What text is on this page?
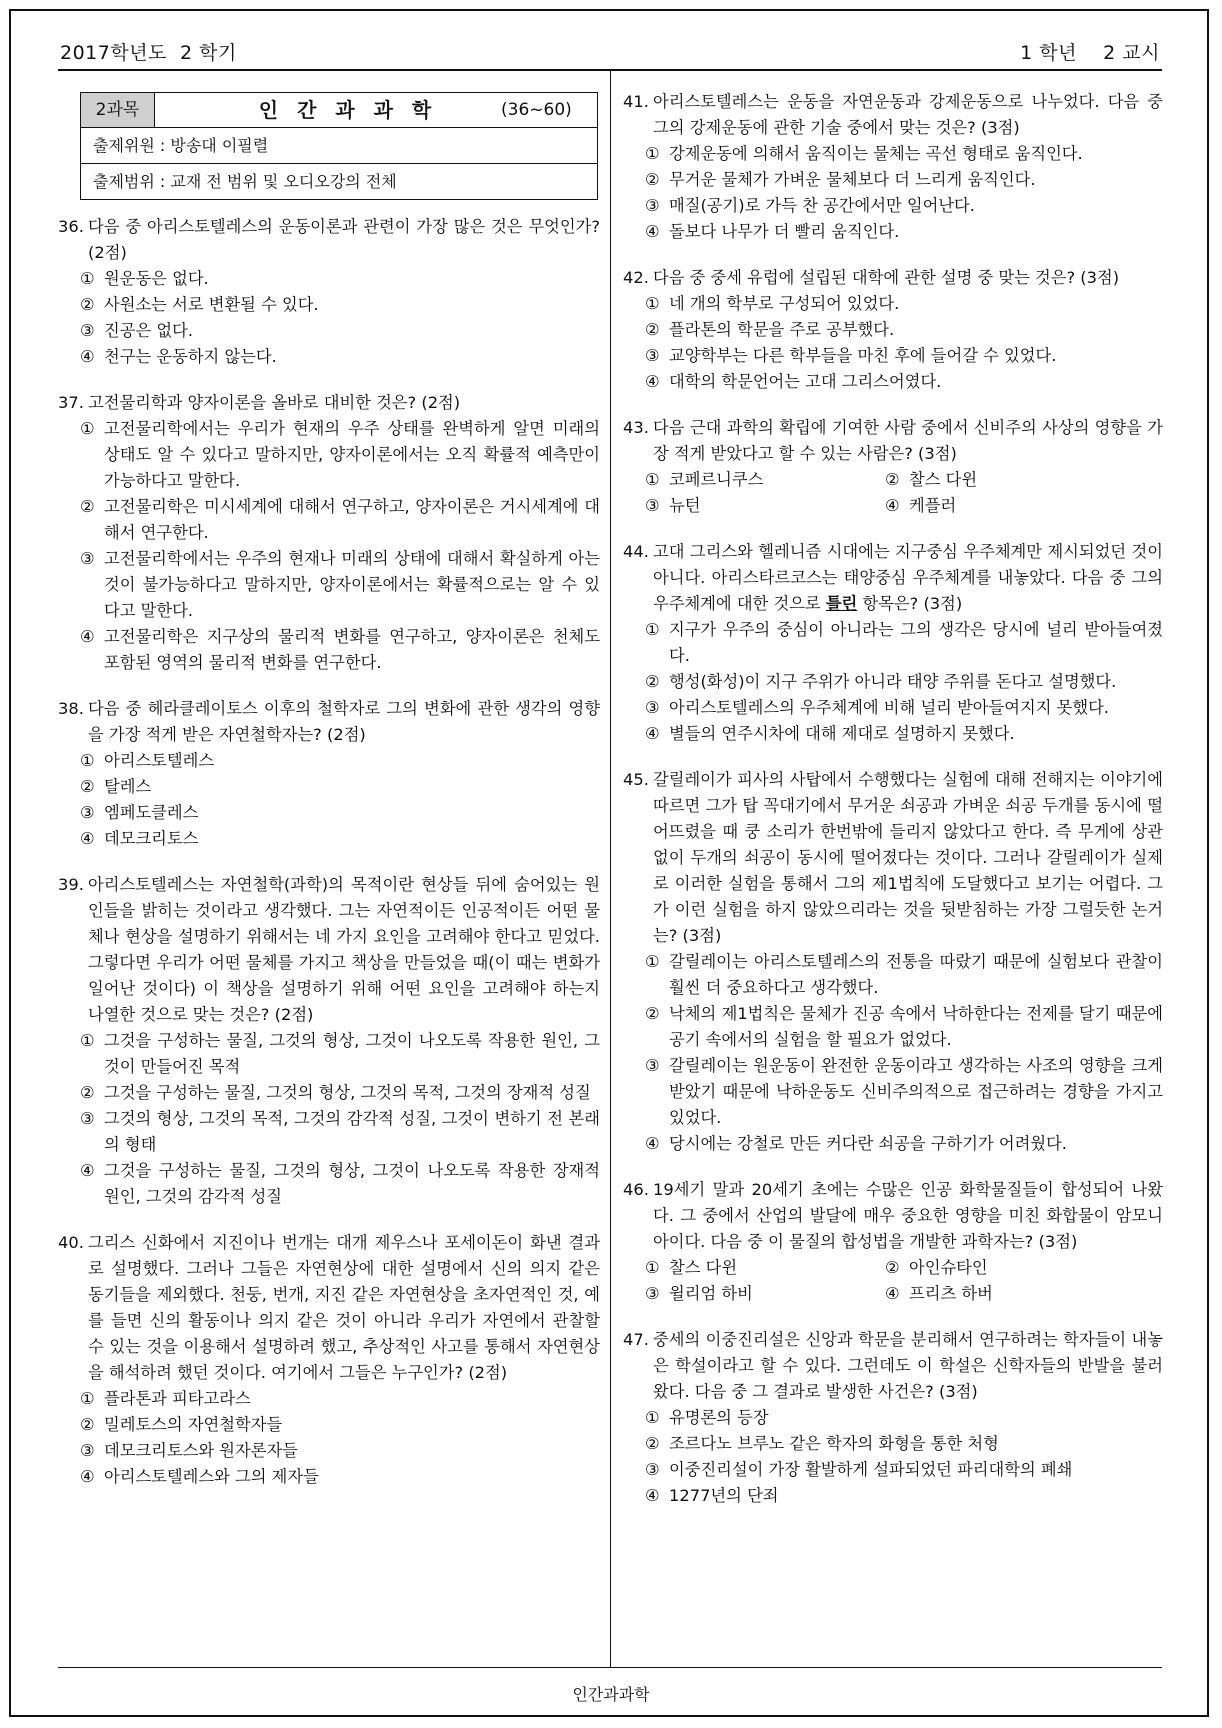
2017학년도  2 학기	1 학년    2 교시
2과목	인 간 과 과 학	(36~60)
출제위원 : 방송대 이필렬
출제범위 : 교재 전 범위 및 오디오강의 전체
36. 다음 중 아리스토텔레스의 운동이론과 관련이 가장 많은 것은 무엇인가? (2점)
① 원운동은 없다.
② 사원소는 서로 변환될 수 있다.
③ 진공은 없다.
④ 천구는 운동하지 않는다.
37. 고전물리학과 양자이론을 올바로 대비한 것은? (2점)
① 고전물리학에서는 우리가 현재의 우주 상태를 완벽하게 알면 미래의 상태도 알 수 있다고 말하지만, 양자이론에서는 오직 확률적 예측만이 가능하다고 말한다.
② 고전물리학은 미시세계에 대해서 연구하고, 양자이론은 거시세계에 대해서 연구한다.
③ 고전물리학에서는 우주의 현재나 미래의 상태에 대해서 확실하게 아는 것이 불가능하다고 말하지만, 양자이론에서는 확률적으로는 알 수 있다고 말한다.
④ 고전물리학은 지구상의 물리적 변화를 연구하고, 양자이론은 천체도 포함된 영역의 물리적 변화를 연구한다.
38. 다음 중 헤라클레이토스 이후의 철학자로 그의 변화에 관한 생각의 영향을 가장 적게 받은 자연철학자는? (2점)
① 아리스토텔레스
② 탈레스
③ 엠페도클레스
④ 데모크리토스
39. 아리스토텔레스는 자연철학(과학)의 목적이란 현상들 뒤에 숨어있는 원인들을 밝히는 것이라고 생각했다. 그는 자연적이든 인공적이든 어떤 물체나 현상을 설명하기 위해서는 네 가지 요인을 고려해야 한다고 믿었다. 그렇다면 우리가 어떤 물체를 가지고 책상을 만들었을 때(이 때는 변화가 일어난 것이다) 이 책상을 설명하기 위해 어떤 요인을 고려해야 하는지 나열한 것으로 맞는 것은? (2점)
① 그것을 구성하는 물질, 그것의 형상, 그것이 나오도록 작용한 원인, 그것이 만들어진 목적
② 그것을 구성하는 물질, 그것의 형상, 그것의 목적, 그것의 장재적 성질
③ 그것의 형상, 그것의 목적, 그것의 감각적 성질, 그것이 변하기 전 본래의 형태
④ 그것을 구성하는 물질, 그것의 형상, 그것이 나오도록 작용한 장재적 원인, 그것의 감각적 성질
40. 그리스 신화에서 지진이나 번개는 대개 제우스나 포세이돈이 화낸 결과로 설명했다. 그러나 그들은 자연현상에 대한 설명에서 신의 의지 같은 동기들을 제외했다. 천둥, 번개, 지진 같은 자연현상을 초자연적인 것, 예를 들면 신의 활동이나 의지 같은 것이 아니라 우리가 자연에서 관찰할 수 있는 것을 이용해서 설명하려 했고, 추상적인 사고를 통해서 자연현상을 해석하려 했던 것이다. 여기에서 그들은 누구인가? (2점)
① 플라톤과 피타고라스
② 밀레토스의 자연철학자들
③ 데모크리토스와 원자론자들
④ 아리스토텔레스와 그의 제자들
41. 아리스토텔레스는 운동을 자연운동과 강제운동으로 나누었다. 다음 중 그의 강제운동에 관한 기술 중에서 맞는 것은? (3점)
① 강제운동에 의해서 움직이는 물체는 곡선 형태로 움직인다.
② 무거운 물체가 가벼운 물체보다 더 느리게 움직인다.
③ 매질(공기)로 가득 찬 공간에서만 일어난다.
④ 돌보다 나무가 더 빨리 움직인다.
42. 다음 중 중세 유럽에 설립된 대학에 관한 설명 중 맞는 것은? (3점)
① 네 개의 학부로 구성되어 있었다.
② 플라톤의 학문을 주로 공부했다.
③ 교양학부는 다른 학부들을 마친 후에 들어갈 수 있었다.
④ 대학의 학문언어는 고대 그리스어였다.
43. 다음 근대 과학의 확립에 기여한 사람 중에서 신비주의 사상의 영향을 가장 적게 받았다고 할 수 있는 사람은? (3점)
① 코페르니쿠스	② 찰스 다윈
③ 뉴턴	④ 케플러
44. 고대 그리스와 헬레니즘 시대에는 지구중심 우주체계만 제시되었던 것이 아니다. 아리스타르코스는 태양중심 우주체계를 내놓았다. 다음 중 그의 우주체계에 대한 것으로 틀린 항목은? (3점)
① 지구가 우주의 중심이 아니라는 그의 생각은 당시에 널리 받아들여졌다.
② 행성(화성)이 지구 주위가 아니라 태양 주위를 돈다고 설명했다.
③ 아리스토텔레스의 우주체계에 비해 널리 받아들여지지 못했다.
④ 별들의 연주시차에 대해 제대로 설명하지 못했다.
45. 갈릴레이가 피사의 사탑에서 수행했다는 실험에 대해 전해지는 이야기에 따르면 그가 탑 꼭대기에서 무거운 쇠공과 가벼운 쇠공 두개를 동시에 떨어뜨렸을 때 쿵 소리가 한번밖에 들리지 않았다고 한다. 즉 무게에 상관없이 두개의 쇠공이 동시에 떨어졌다는 것이다. 그러나 갈릴레이가 실제로 이러한 실험을 통해서 그의 제1법칙에 도달했다고 보기는 어렵다. 그가 이런 실험을 하지 않았으리라는 것을 뒷받침하는 가장 그럴듯한 논거는? (3점)
① 갈릴레이는 아리스토텔레스의 전통을 따랐기 때문에 실험보다 관찰이 훨씬 더 중요하다고 생각했다.
② 낙체의 제1법칙은 물체가 진공 속에서 낙하한다는 전제를 달기 때문에 공기 속에서의 실험을 할 필요가 없었다.
③ 갈릴레이는 원운동이 완전한 운동이라고 생각하는 사조의 영향을 크게 받았기 때문에 낙하운동도 신비주의적으로 접근하려는 경향을 가지고 있었다.
④ 당시에는 강철로 만든 커다란 쇠공을 구하기가 어려웠다.
46. 19세기 말과 20세기 초에는 수많은 인공 화학물질들이 합성되어 나왔다. 그 중에서 산업의 발달에 매우 중요한 영향을 미친 화합물이 암모니아이다. 다음 중 이 물질의 합성법을 개발한 과학자는? (3점)
① 찰스 다윈	② 아인슈타인
③ 윌리엄 하비	④ 프리츠 하버
47. 중세의 이중진리설은 신앙과 학문을 분리해서 연구하려는 학자들이 내놓은 학설이라고 할 수 있다. 그런데도 이 학설은 신학자들의 반발을 불러왔다. 다음 중 그 결과로 발생한 사건은? (3점)
① 유명론의 등장
② 조르다노 브루노 같은 학자의 화형을 통한 처형
③ 이중진리설이 가장 활발하게 설파되었던 파리대학의 폐쇄
④ 1277년의 단죄
인간과과학
